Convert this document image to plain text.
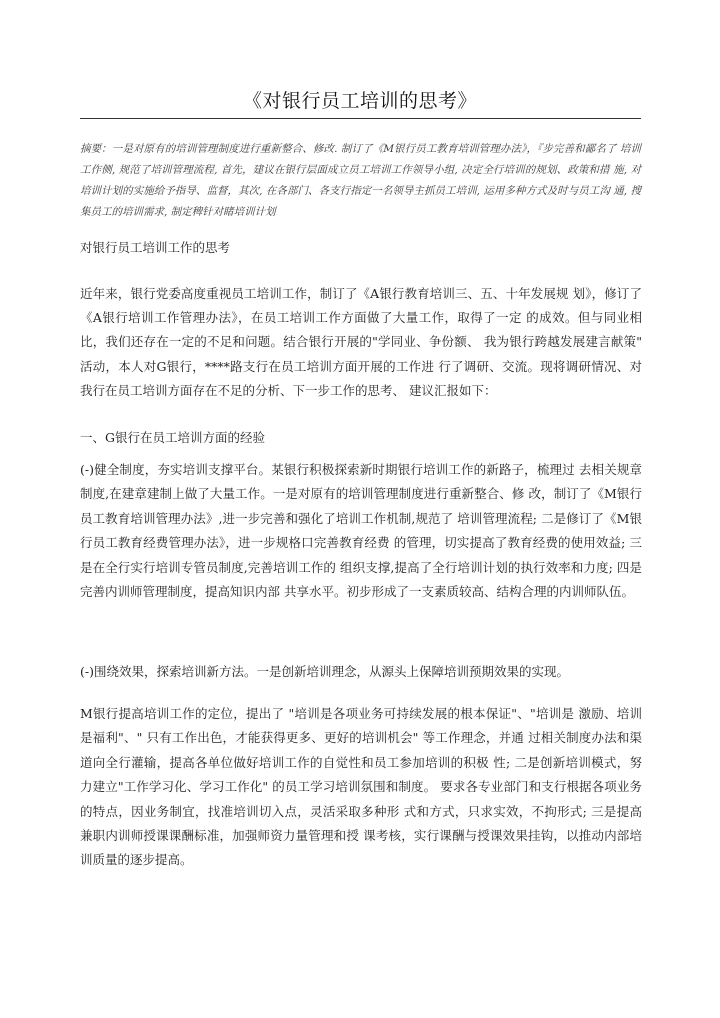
《对银行员工培训的思考》
摘要：一是对原有的培训管理制度进行重新整合、修改. 制订了《M银行员工教育培训管理办法》，『步完善和鄙名了 培训工作侧, 规范了培训管理流程, 首先，建议在银行层面成立员工培训工作领导小组, 决定全行培训的规划、政策和措 施, 对培训计划的实施给予指导、监督，其次, 在各部门、各支行指定一名领导主抓员工培训, 运用多种方式及时与员工沟 通, 搜集员工的培训需求, 制定稗针对睹培训计划
对银行员工培训工作的思考
近年来，银行党委高度重视员工培训工作，制订了《A银行教育培训三、五、十年发展规 划》，修订了《A银行培训工作管理办法》，在员工培训工作方面做了大量工作，取得了一定 的成效。但与同业相比，我们还存在一定的不足和问题。结合银行开展的"学同业、争份额、 我为银行跨越发展建言献策" 活动，本人对G银行，****路支行在员工培训方面开展的工作进 行了调研、交流。现将调研情况、对我行在员工培训方面存在不足的分析、下一步工作的思考、 建议汇报如下：
一、G银行在员工培训方面的经验
(-)健全制度，夯实培训支撑平台。某银行积极探索新时期银行培训工作的新路子，梳理过 去相关规章制度,在建章建制上做了大量工作。一是对原有的培训管理制度进行重新整合、修 改，制订了《M银行员工教育培训管理办法》,进一步完善和强化了培训工作机制,规范了 培训管理流程; 二是修订了《M银行员工教育经费管理办法》，进一步规格口完善教育经费 的管理，切实提高了教育经费的使用效益; 三是在全行实行培训专管员制度,完善培训工作的 组织支撑,提高了全行培训计划的执行效率和力度; 四是完善内训师管理制度，提高知识内部 共享水平。初步形成了一支素质较高、结构合理的内训师队伍。
(-)围绕效果，探索培训新方法。一是创新培训理念，从源头上保障培训预期效果的实现。
M银行提高培训工作的定位，提出了 "培训是各项业务可持续发展的根本保证"、"培训是 激励、培训是福利"、" 只有工作出色，才能获得更多、更好的培训机会" 等工作理念，并通 过相关制度办法和渠道向全行灌输，提高各单位做好培训工作的自觉性和员工参加培训的积极 性; 二是创新培训模式，努力建立"工作学习化、学习工作化" 的员工学习培训氛围和制度。 要求各专业部门和支行根据各项业务的特点，因业务制宜，找准培训切入点，灵活采取多种形 式和方式，只求实效，不拘形式; 三是提高兼职内训师授课课酬标准，加强师资力量管理和授 课考核，实行课酬与授课效果挂钩，以推动内部培训质量的逐步提高。
